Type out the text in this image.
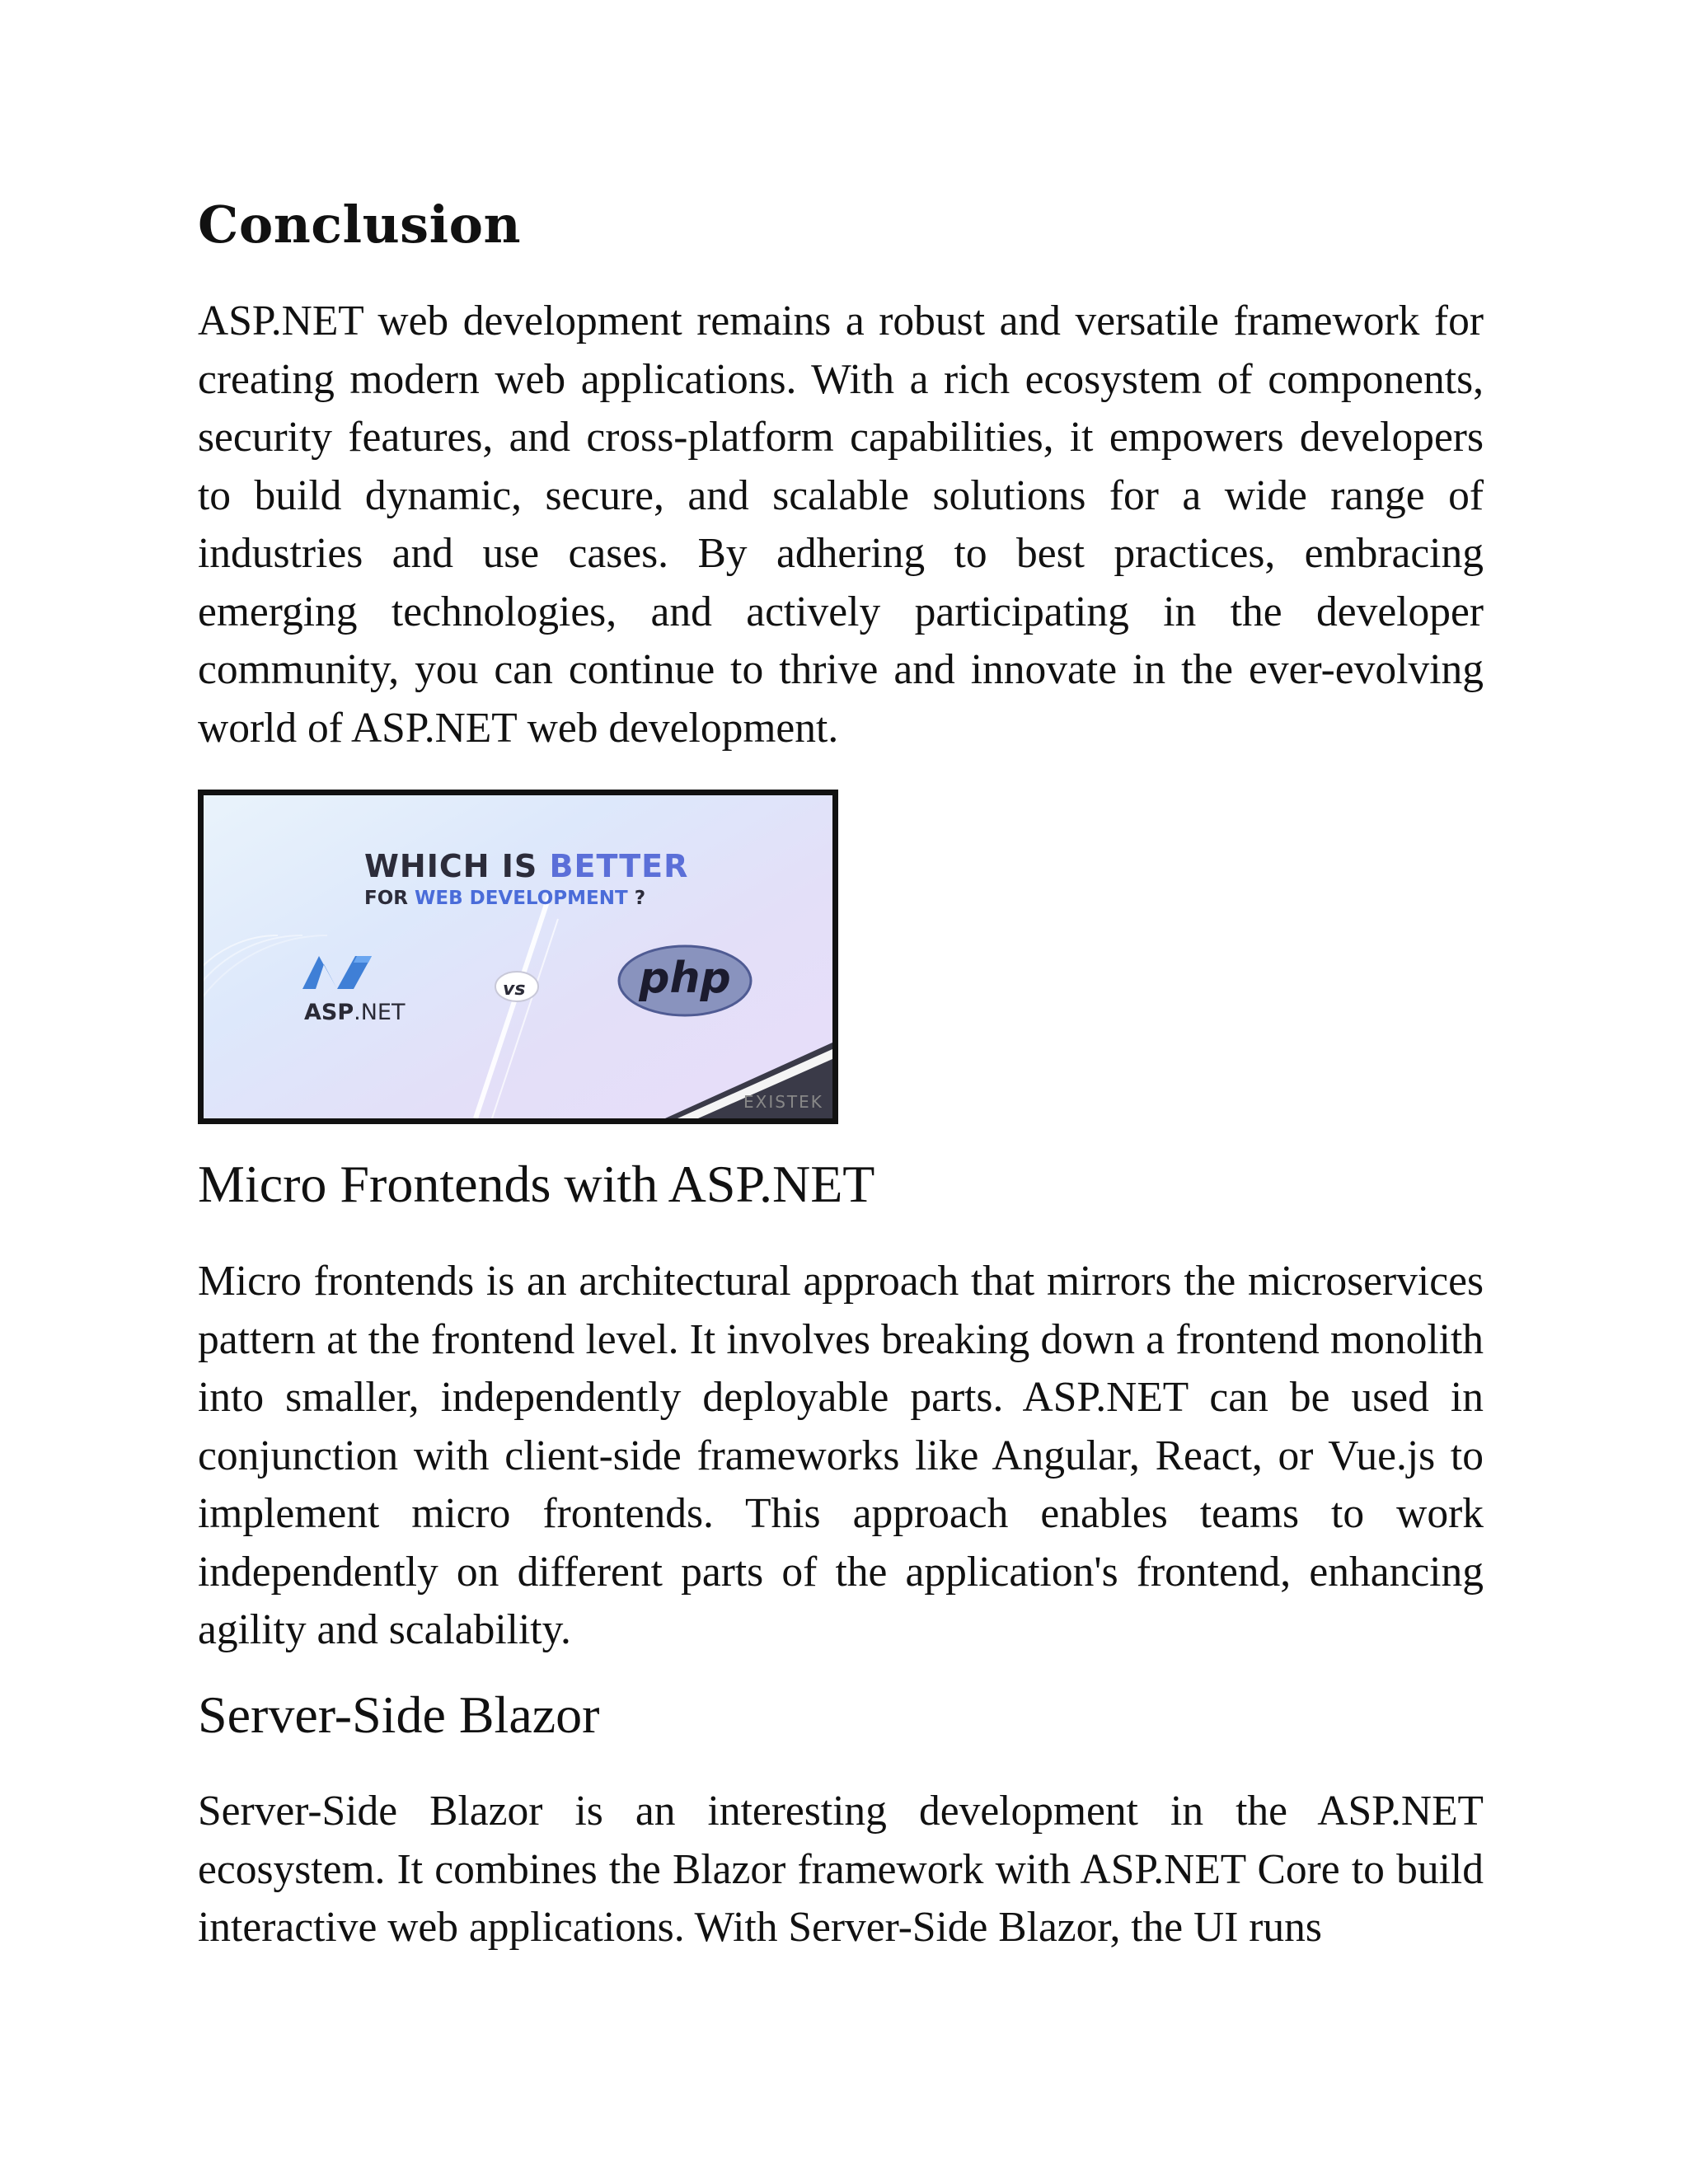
Conclusion

ASP.NET web development remains a robust and versatile framework for creating modern web applications. With a rich ecosystem of components, security features, and cross-platform capabilities, it empowers developers to build dynamic, secure, and scalable solutions for a wide range of industries and use cases. By adhering to best practices, embracing emerging technologies, and actively participating in the developer community, you can continue to thrive and innovate in the ever-evolving world of ASP.NET web development.

WHICH IS BETTER
FOR WEB DEVELOPMENT ?
ASP.NET
vs	php
EXISTEK
Micro Frontends with ASP.NET

Micro frontends is an architectural approach that mirrors the microservices pattern at the frontend level. It involves breaking down a frontend monolith into smaller, independently deployable parts. ASP.NET can be used in conjunction with client-side frameworks like Angular, React, or Vue.js to implement micro frontends. This approach enables teams to work independently on different parts of the application's frontend, enhancing agility and scalability.

Server-Side Blazor

Server-Side Blazor is an interesting development in the ASP.NET ecosystem. It combines the Blazor framework with ASP.NET Core to build interactive web applications. With Server-Side Blazor, the UI runs
